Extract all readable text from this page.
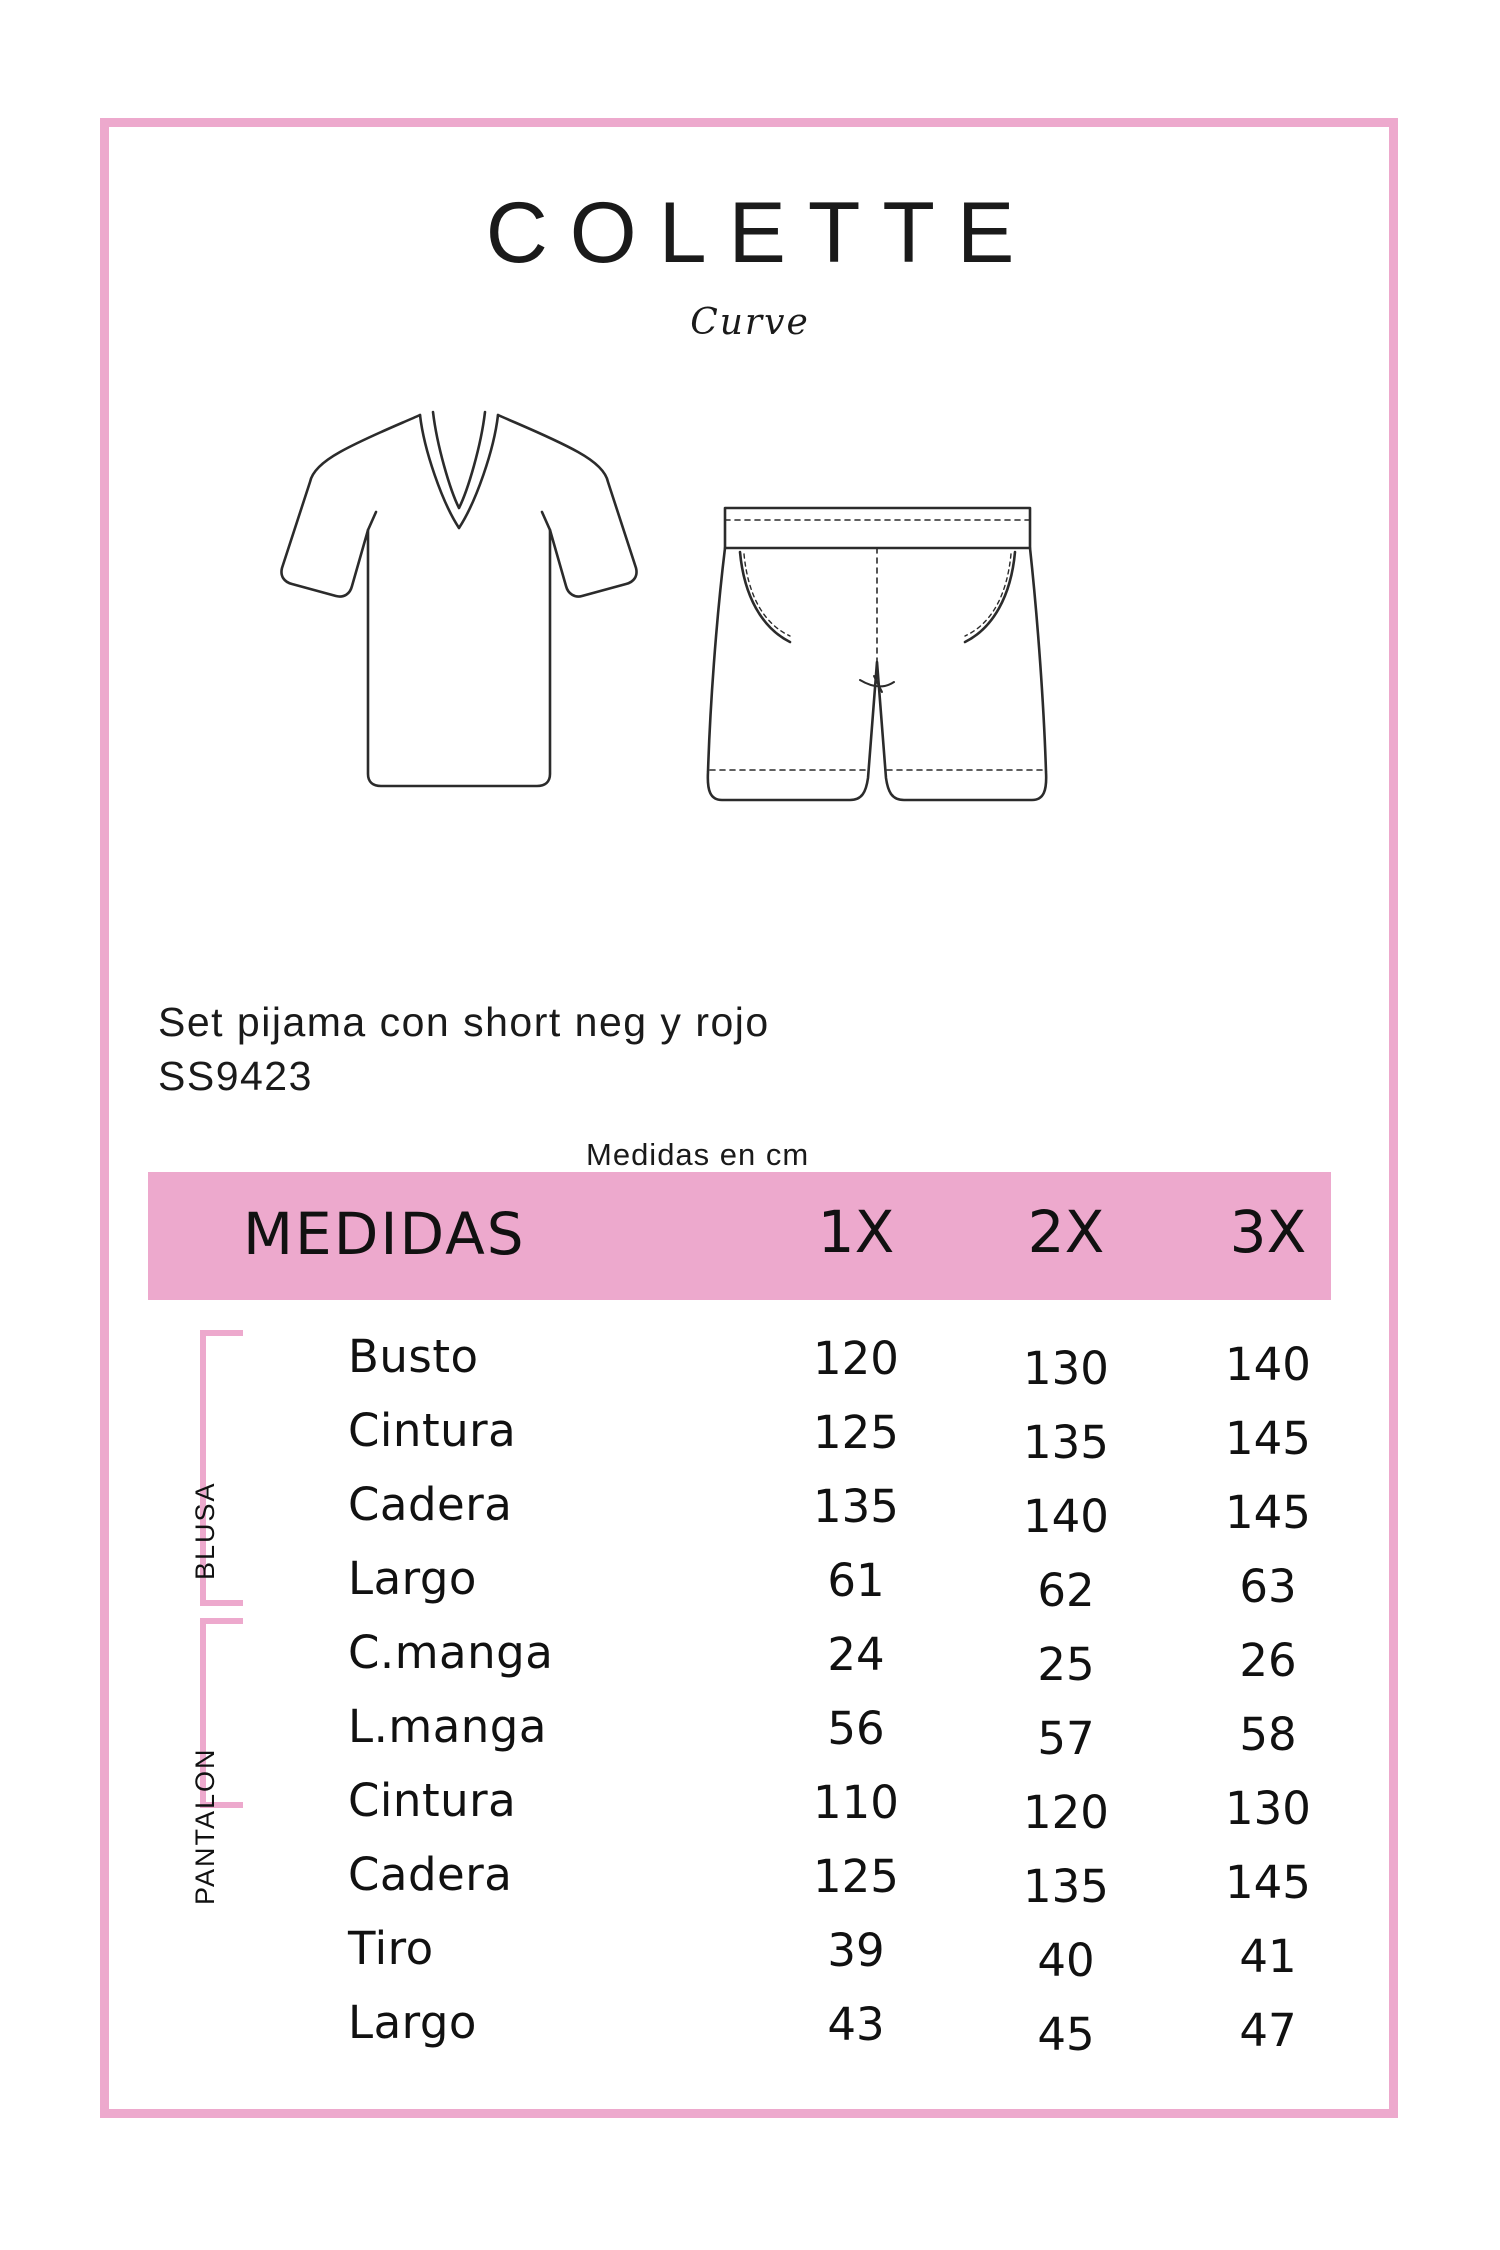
COLETTE
Curve
Set pijama con short neg y rojo
SS9423
Medidas en cm
MEDIDAS	1X	2X	3X
BLUSA
PANTALON
Busto	120	130	140
Cintura	125	135	145
Cadera	135	140	145
Largo	61	62	63
C.manga	24	25	26
L.manga	56	57	58
Cintura	110	120	130
Cadera	125	135	145
Tiro	39	40	41
Largo	43	45	47
